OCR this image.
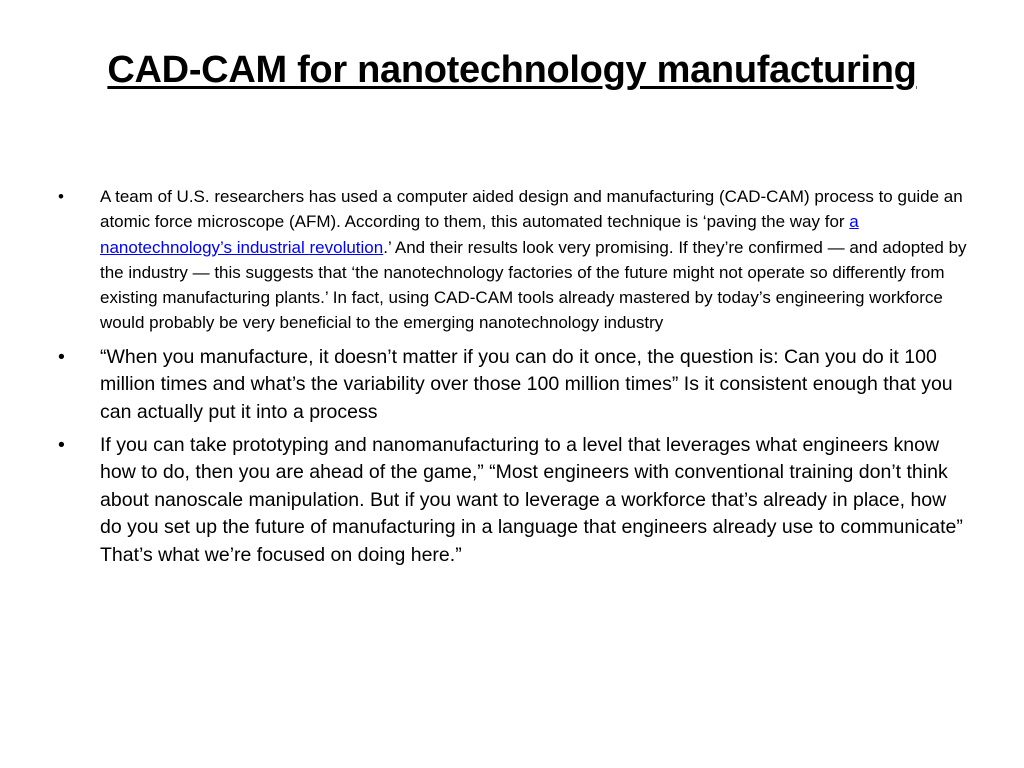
CAD-CAM for nanotechnology manufacturing
• A team of U.S. researchers has used a computer aided design and manufacturing (CAD-CAM) process to guide an atomic force microscope (AFM). According to them, this automated technique is ‘paving the way for a nanotechnology’s industrial revolution.’ And their results look very promising. If they’re confirmed — and adopted by the industry — this suggests that ‘the nanotechnology factories of the future might not operate so differently from existing manufacturing plants.’ In fact, using CAD-CAM tools already mastered by today’s engineering workforce would probably be very beneficial to the emerging nanotechnology industry
• “When you manufacture, it doesn’t matter if you can do it once, the question is: Can you do it 100 million times and what’s the variability over those 100 million times” Is it consistent enough that you can actually put it into a process
• If you can take prototyping and nanomanufacturing to a level that leverages what engineers know how to do, then you are ahead of the game,” “Most engineers with conventional training don’t think about nanoscale manipulation. But if you want to leverage a workforce that’s already in place, how do you set up the future of manufacturing in a language that engineers already use to communicate” That’s what we’re focused on doing here.”
